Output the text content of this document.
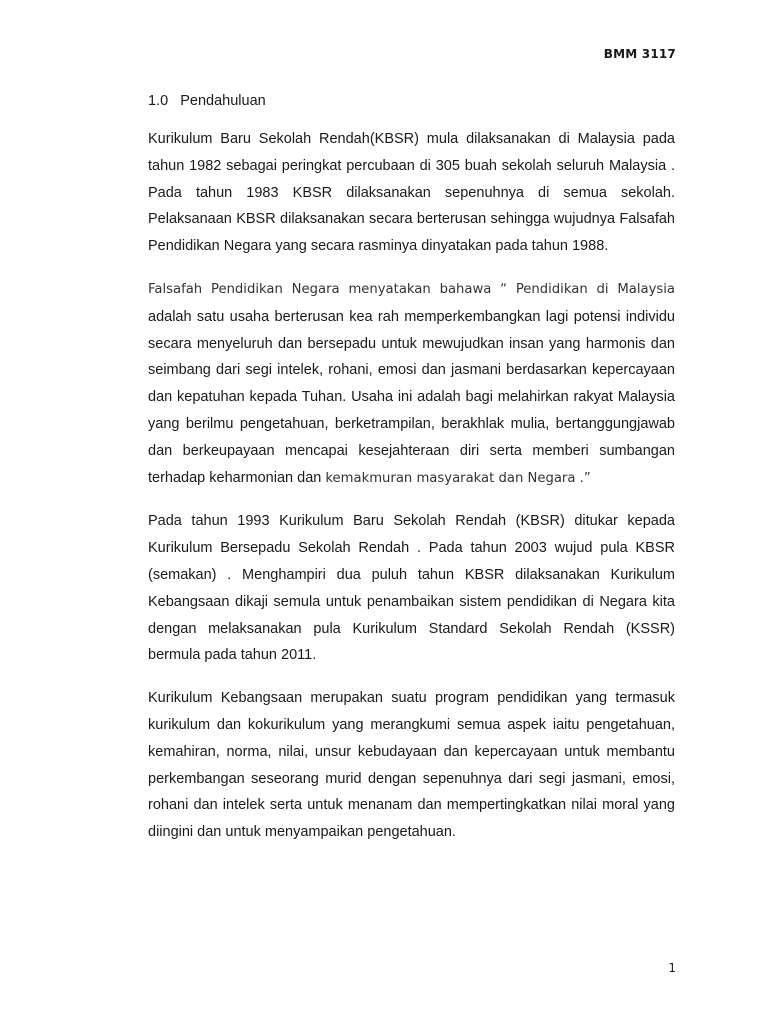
BMM 3117
1.0   Pendahuluan

Kurikulum Baru Sekolah Rendah(KBSR) mula dilaksanakan di Malaysia pada tahun 1982 sebagai peringkat percubaan di 305 buah sekolah seluruh Malaysia . Pada tahun 1983 KBSR dilaksanakan sepenuhnya di semua sekolah. Pelaksanaan KBSR dilaksanakan secara berterusan sehingga wujudnya Falsafah Pendidikan Negara yang secara rasminya dinyatakan pada tahun 1988.

Falsafah Pendidikan Negara menyatakan bahawa “ Pendidikan di Malaysia adalah satu usaha berterusan kea rah memperkembangkan lagi potensi individu secara menyeluruh dan bersepadu untuk mewujudkan insan yang harmonis dan seimbang dari segi intelek, rohani, emosi dan jasmani berdasarkan kepercayaan dan kepatuhan kepada Tuhan. Usaha ini adalah bagi melahirkan rakyat Malaysia yang berilmu pengetahuan, berketrampilan, berakhlak mulia, bertanggungjawab dan berkeupayaan mencapai kesejahteraan diri serta memberi sumbangan terhadap keharmonian dan kemakmuran masyarakat dan Negara .”

Pada tahun 1993 Kurikulum Baru Sekolah Rendah (KBSR) ditukar kepada Kurikulum Bersepadu Sekolah Rendah . Pada tahun 2003 wujud pula KBSR (semakan) . Menghampiri dua puluh tahun KBSR dilaksanakan Kurikulum Kebangsaan dikaji semula untuk penambaikan sistem pendidikan di Negara kita dengan melaksanakan pula Kurikulum Standard Sekolah Rendah (KSSR) bermula pada tahun 2011.

Kurikulum Kebangsaan merupakan suatu program pendidikan yang termasuk kurikulum dan kokurikulum yang merangkumi semua aspek iaitu pengetahuan, kemahiran, norma, nilai, unsur kebudayaan dan kepercayaan untuk membantu perkembangan seseorang murid dengan sepenuhnya dari segi jasmani, emosi, rohani dan intelek serta untuk menanam dan mempertingkatkan nilai moral yang diingini dan untuk menyampaikan pengetahuan.

1
